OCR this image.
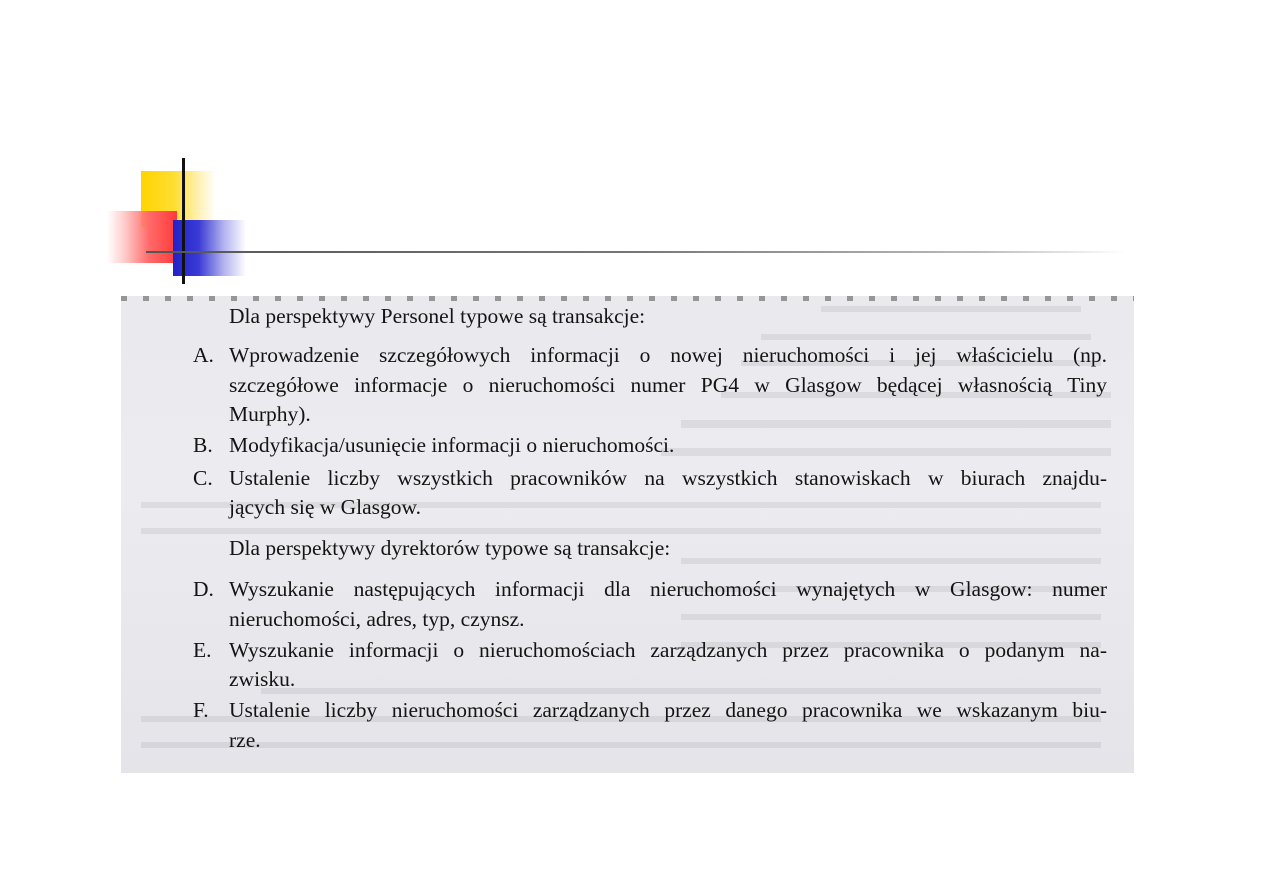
Dla perspektywy Personel typowe są transakcje:
A. Wprowadzenie szczegółowych informacji o nowej nieruchomości i jej właścicielu (np.
szczegółowe informacje o nieruchomości numer PG4 w Glasgow będącej własnością Tiny
Murphy).
B. Modyfikacja/usunięcie informacji o nieruchomości.
C. Ustalenie liczby wszystkich pracowników na wszystkich stanowiskach w biurach znajdu-
jących się w Glasgow.
Dla perspektywy dyrektorów typowe są transakcje:
D. Wyszukanie następujących informacji dla nieruchomości wynajętych w Glasgow: numer
nieruchomości, adres, typ, czynsz.
E. Wyszukanie informacji o nieruchomościach zarządzanych przez pracownika o podanym na-
zwisku.
F. Ustalenie liczby nieruchomości zarządzanych przez danego pracownika we wskazanym biu-
rze.
